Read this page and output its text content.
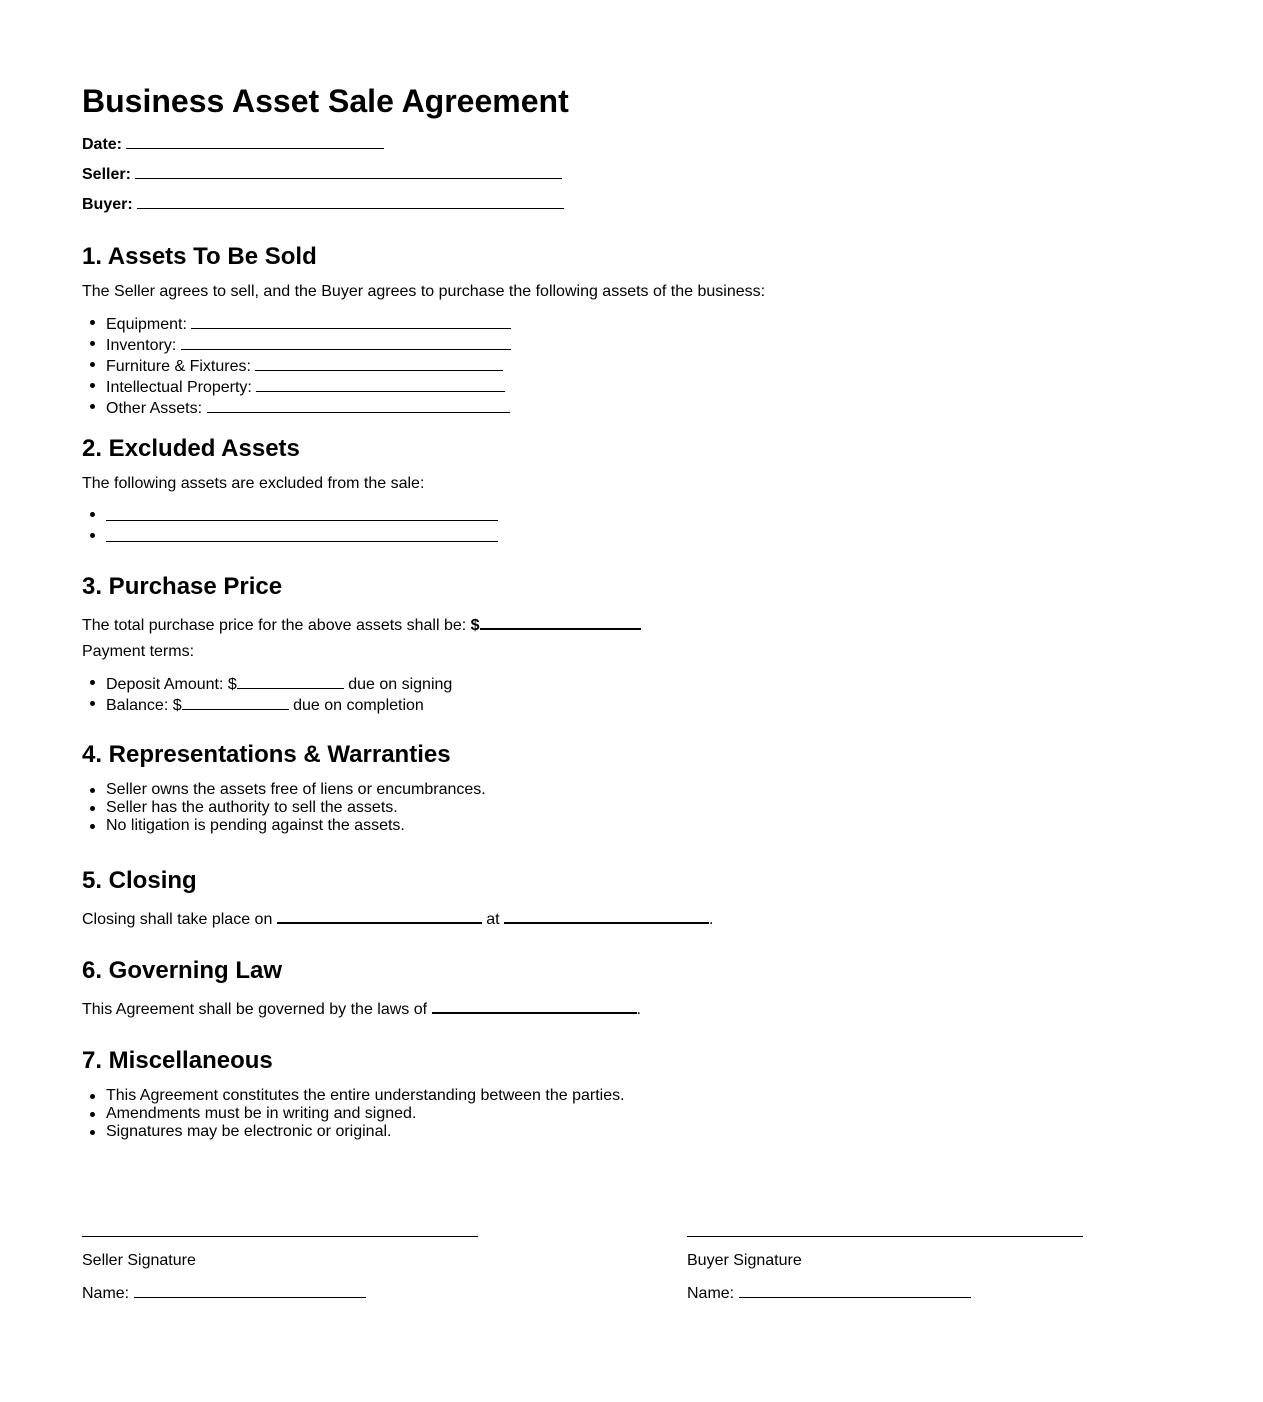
Business Asset Sale Agreement
Date:
Seller:
Buyer:
1. Assets To Be Sold
The Seller agrees to sell, and the Buyer agrees to purchase the following assets of the business:
Equipment:
Inventory:
Furniture & Fixtures:
Intellectual Property:
Other Assets:
2. Excluded Assets
The following assets are excluded from the sale:
3. Purchase Price
The total purchase price for the above assets shall be: $
Payment terms:
Deposit Amount: $	due on signing
Balance: $	due on completion
4. Representations & Warranties
Seller owns the assets free of liens or encumbrances.
Seller has the authority to sell the assets.
No litigation is pending against the assets.
5. Closing
Closing shall take place on	at	.
6. Governing Law
This Agreement shall be governed by the laws of	.
7. Miscellaneous
This Agreement constitutes the entire understanding between the parties.
Amendments must be in writing and signed.
Signatures may be electronic or original.
Seller Signature
Name:
Buyer Signature
Name:
